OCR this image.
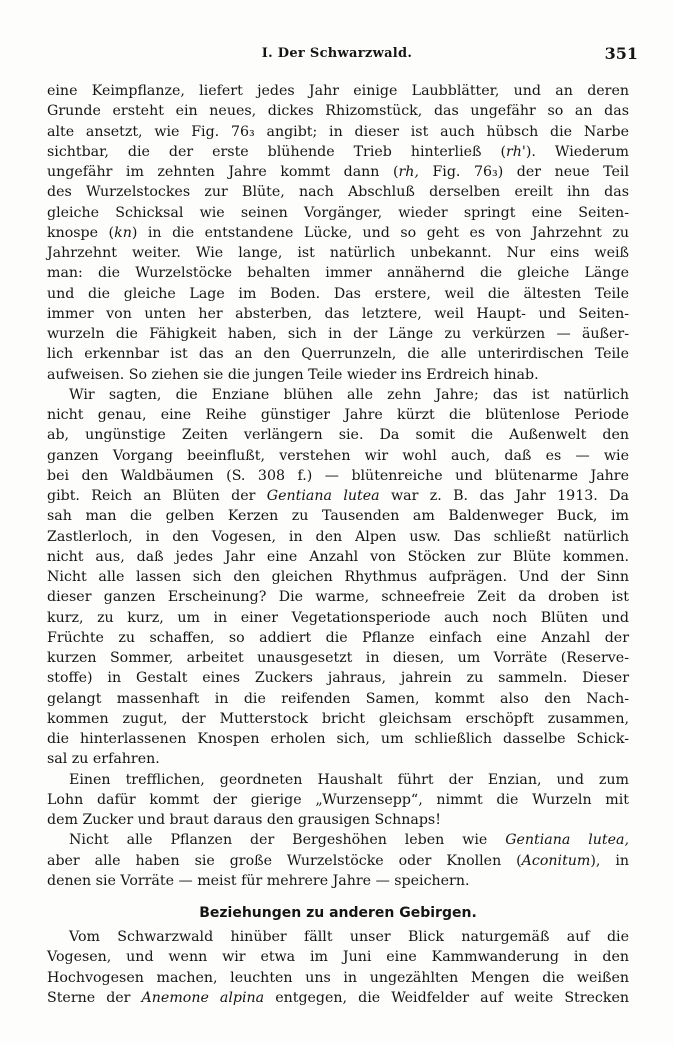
I. Der Schwarzwald.	351
eine Keimpflanze, liefert jedes Jahr einige Laubblätter, und an deren
Grunde ersteht ein neues, dickes Rhizomstück, das ungefähr so an das
alte ansetzt, wie Fig. 76₃ angibt; in dieser ist auch hübsch die Narbe
sichtbar, die der erste blühende Trieb hinterließ (rh'). Wiederum
ungefähr im zehnten Jahre kommt dann (rh, Fig. 76₃) der neue Teil
des Wurzelstockes zur Blüte, nach Abschluß derselben ereilt ihn das
gleiche Schicksal wie seinen Vorgänger, wieder springt eine Seiten-
knospe (kn) in die entstandene Lücke, und so geht es von Jahrzehnt zu
Jahrzehnt weiter. Wie lange, ist natürlich unbekannt. Nur eins weiß
man: die Wurzelstöcke behalten immer annähernd die gleiche Länge
und die gleiche Lage im Boden. Das erstere, weil die ältesten Teile
immer von unten her absterben, das letztere, weil Haupt- und Seiten-
wurzeln die Fähigkeit haben, sich in der Länge zu verkürzen — äußer-
lich erkennbar ist das an den Querrunzeln, die alle unterirdischen Teile
aufweisen. So ziehen sie die jungen Teile wieder ins Erdreich hinab.
Wir sagten, die Enziane blühen alle zehn Jahre; das ist natürlich
nicht genau, eine Reihe günstiger Jahre kürzt die blütenlose Periode
ab, ungünstige Zeiten verlängern sie. Da somit die Außenwelt den
ganzen Vorgang beeinflußt, verstehen wir wohl auch, daß es — wie
bei den Waldbäumen (S. 308 f.) — blütenreiche und blütenarme Jahre
gibt. Reich an Blüten der Gentiana lutea war z. B. das Jahr 1913. Da
sah man die gelben Kerzen zu Tausenden am Baldenweger Buck, im
Zastlerloch, in den Vogesen, in den Alpen usw. Das schließt natürlich
nicht aus, daß jedes Jahr eine Anzahl von Stöcken zur Blüte kommen.
Nicht alle lassen sich den gleichen Rhythmus aufprägen. Und der Sinn
dieser ganzen Erscheinung? Die warme, schneefreie Zeit da droben ist
kurz, zu kurz, um in einer Vegetationsperiode auch noch Blüten und
Früchte zu schaffen, so addiert die Pflanze einfach eine Anzahl der
kurzen Sommer, arbeitet unausgesetzt in diesen, um Vorräte (Reserve-
stoffe) in Gestalt eines Zuckers jahraus, jahrein zu sammeln. Dieser
gelangt massenhaft in die reifenden Samen, kommt also den Nach-
kommen zugut, der Mutterstock bricht gleichsam erschöpft zusammen,
die hinterlassenen Knospen erholen sich, um schließlich dasselbe Schick-
sal zu erfahren.
Einen trefflichen, geordneten Haushalt führt der Enzian, und zum
Lohn dafür kommt der gierige „Wurzensepp“, nimmt die Wurzeln mit
dem Zucker und braut daraus den grausigen Schnaps!
Nicht alle Pflanzen der Bergeshöhen leben wie Gentiana lutea,
aber alle haben sie große Wurzelstöcke oder Knollen (Aconitum), in
denen sie Vorräte — meist für mehrere Jahre — speichern.
Beziehungen zu anderen Gebirgen.
Vom Schwarzwald hinüber fällt unser Blick naturgemäß auf die
Vogesen, und wenn wir etwa im Juni eine Kammwanderung in den
Hochvogesen machen, leuchten uns in ungezählten Mengen die weißen
Sterne der Anemone alpina entgegen, die Weidfelder auf weite Strecken
